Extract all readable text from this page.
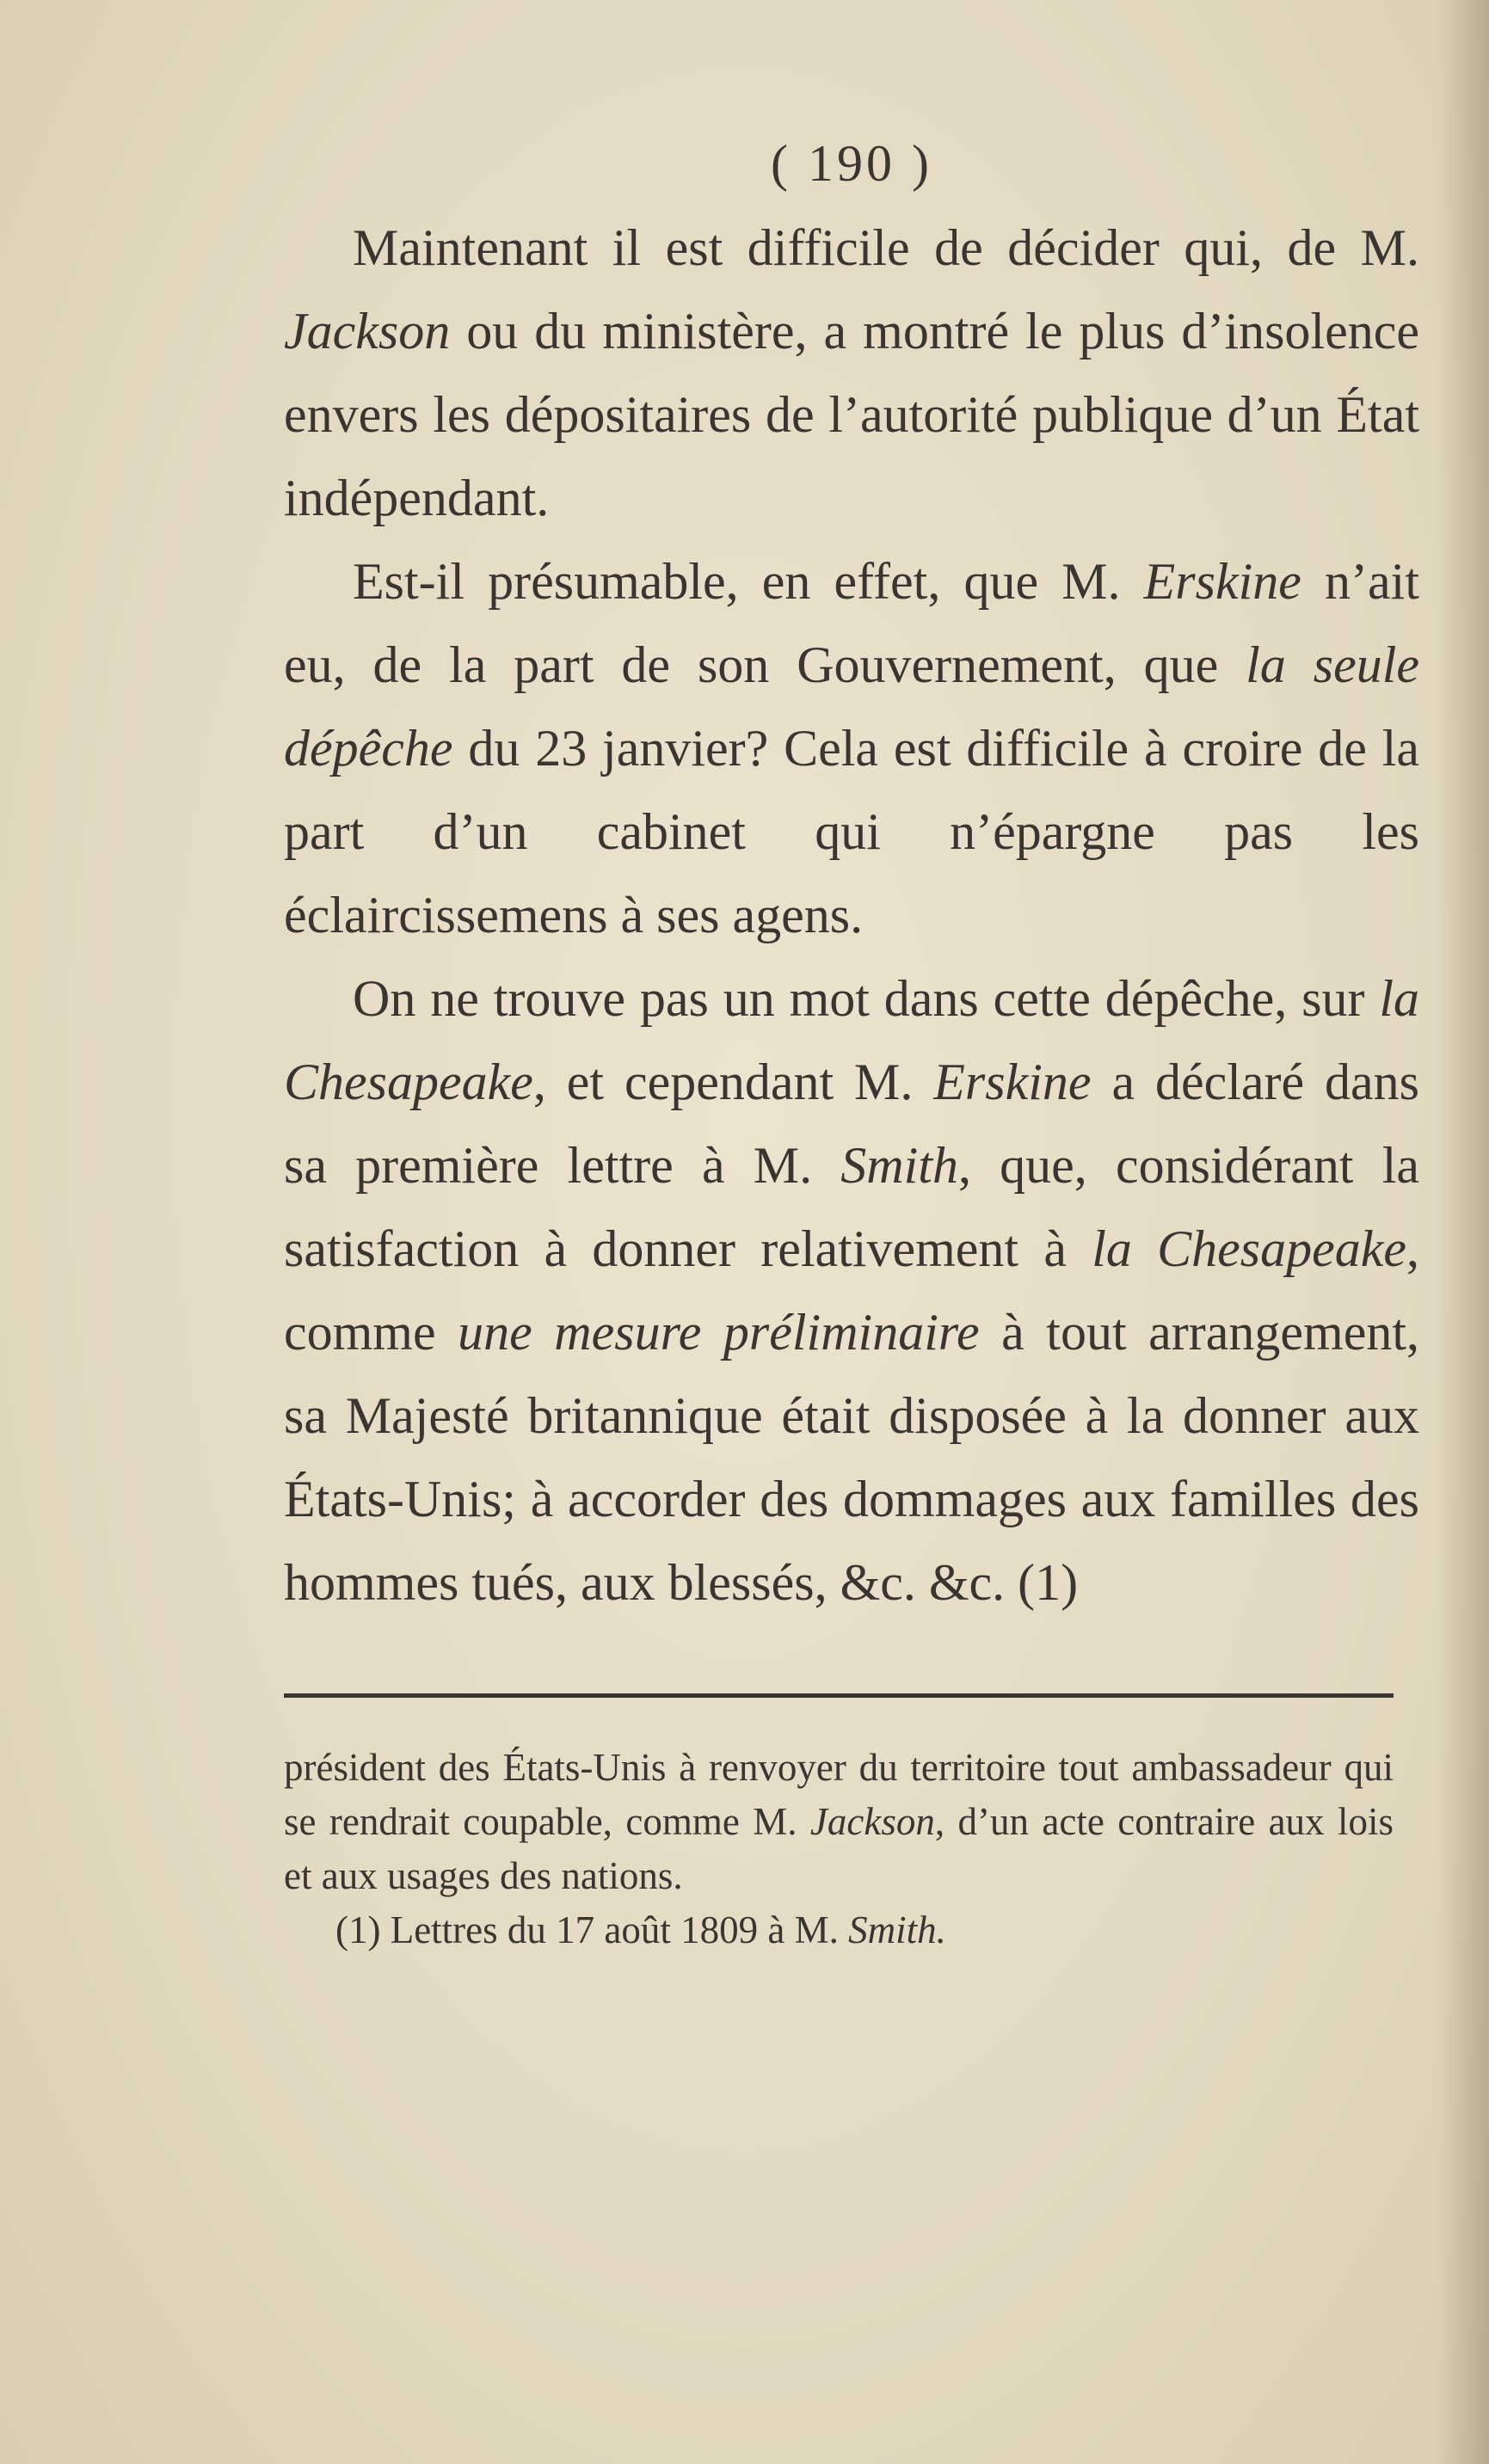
( 190 )

Maintenant il est difficile de décider qui, de M. Jackson ou du ministère, a montré le plus d’insolence envers les dépositaires de l’autorité publique d’un État indépendant.

Est-il présumable, en effet, que M. Erskine n’ait eu, de la part de son Gouvernement, que la seule dépêche du 23 janvier? Cela est difficile à croire de la part d’un cabinet qui n’épargne pas les éclaircissemens à ses agens.

On ne trouve pas un mot dans cette dépêche, sur la Chesapeake, et cependant M. Erskine a déclaré dans sa première lettre à M. Smith, que, considérant la satisfaction à donner relativement à la Chesapeake, comme une mesure préliminaire à tout arrangement, sa Majesté britannique était disposée à la donner aux États-Unis; à accorder des dommages aux familles des hommes tués, aux blessés, &c. &c. (1)

président des États-Unis à renvoyer du territoire tout ambassadeur qui se rendrait coupable, comme M. Jackson, d’un acte contraire aux lois et aux usages des nations.

(1) Lettres du 17 août 1809 à M. Smith.
